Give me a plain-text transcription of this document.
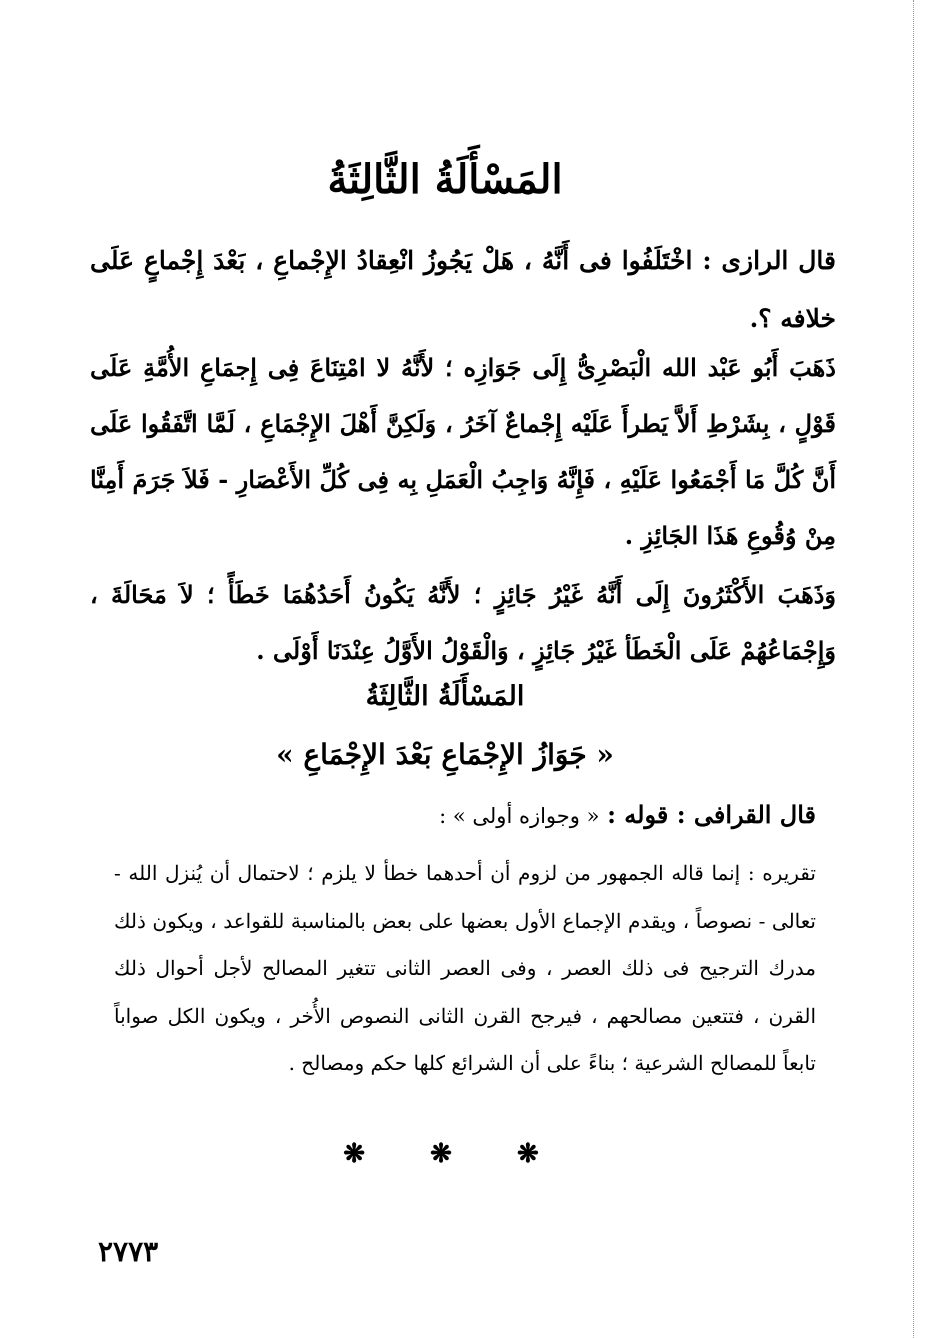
المَسْأَلَةُ الثَّالِثَةُ

قال الرازى : اخْتَلَفُوا فى أَنَّهُ ، هَلْ يَجُوزُ انْعِقادُ الإِجْماعِ ، بَعْدَ إِجْماعٍ عَلَى خلافه ؟.

ذَهَبَ أَبُو عَبْد الله الْبَصْرِىُّ إِلَى جَوَازِه ؛ لأَنَّهُ لا امْتِنَاعَ فِى إِجمَاعِ الأُمَّةِ عَلَى قَوْلٍ ، بِشَرْطِ أَلاَّ يَطرأَ عَلَيْه إِجْماعٌ آخَرُ ، وَلَكِنَّ أَهْلَ الإِجْمَاعِ ، لَمَّا اتَّفَقُوا عَلَى أَنَّ كُلَّ مَا أَجْمَعُوا عَلَيْهِ ، فَإِنَّهُ وَاجِبُ الْعَمَلِ بِه فِى كُلِّ الأَعْصَارِ - فَلاَ جَرَمَ أَمِنَّا مِنْ وُقُوعِ هَذَا الجَائِزِ .

وَذَهَبَ الأَكْثَرُونَ إِلَى أَنَّهُ غَيْرُ جَائِزٍ ؛ لأَنَّهُ يَكُونُ أَحَدُهُمَا خَطَأً ؛ لاَ مَحَالَةَ ، وَإِجْمَاعُهُمْ عَلَى الْخَطَأ غَيْرُ جَائِزٍ ، وَالْقَوْلُ الأَوَّلُ عِنْدَنَا أَوْلَى .

المَسْأَلَةُ الثَّالِثَةُ
« جَوَازُ الإِجْمَاعِ بَعْدَ الإِجْمَاعِ »
قال القرافى : قوله : « وجوازه أولى » :

تقريره : إنما قاله الجمهور من لزوم أن أحدهما خطأ لا يلزم ؛ لاحتمال أن يُنزل الله - تعالى - نصوصاً ، ويقدم الإجماع الأول بعضها على بعض بالمناسبة للقواعد ، ويكون ذلك مدرك الترجيح فى ذلك العصر ، وفى العصر الثانى تتغير المصالح لأجل أحوال ذلك القرن ، فتتعين مصالحهم ، فيرجح القرن الثانى النصوص الأُخر ، ويكون الكل صواباً تابعاً للمصالح الشرعية ؛ بناءً على أن الشرائع كلها حكم ومصالح .

❋ ❋ ❋
٢٧٧٣
